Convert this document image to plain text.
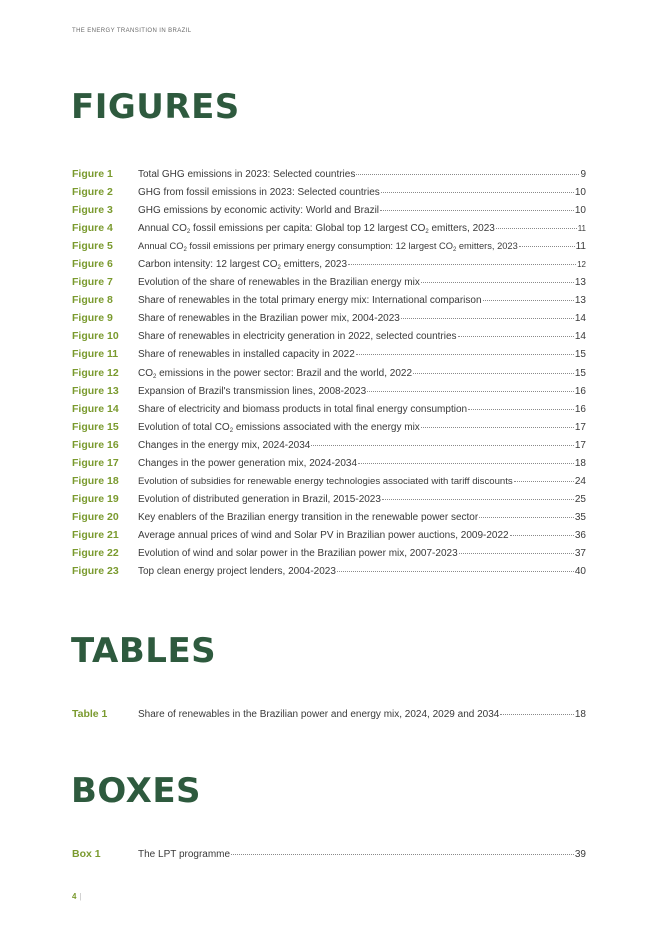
THE ENERGY TRANSITION IN BRAZIL
FIGURES
Figure 1	Total GHG emissions in 2023: Selected countries	9
Figure 2	GHG from fossil emissions in 2023: Selected countries	10
Figure 3	GHG emissions by economic activity: World and Brazil	10
Figure 4	Annual $CO_2$ fossil emissions per capita: Global top 12 largest $CO_2$ emitters, 2023	11
Figure 5	Annual $CO_2$ fossil emissions per primary energy consumption: 12 largest $CO_2$ emitters, 2023	11
Figure 6	Carbon intensity: 12 largest $CO_2$ emitters, 2023	12
Figure 7	Evolution of the share of renewables in the Brazilian energy mix	13
Figure 8	Share of renewables in the total primary energy mix: International comparison	13
Figure 9	Share of renewables in the Brazilian power mix, 2004-2023	14
Figure 10	Share of renewables in electricity generation in 2022, selected countries	14
Figure 11	Share of renewables in installed capacity in 2022	15
Figure 12	$CO_2$ emissions in the power sector: Brazil and the world, 2022	15
Figure 13	Expansion of Brazil's transmission lines, 2008-2023	16
Figure 14	Share of electricity and biomass products in total final energy consumption	16
Figure 15	Evolution of total $CO_2$ emissions associated with the energy mix	17
Figure 16	Changes in the energy mix, 2024-2034	17
Figure 17	Changes in the power generation mix, 2024-2034	18
Figure 18	Evolution of subsidies for renewable energy technologies associated with tariff discounts	24
Figure 19	Evolution of distributed generation in Brazil, 2015-2023	25
Figure 20	Key enablers of the Brazilian energy transition in the renewable power sector	35
Figure 21	Average annual prices of wind and Solar PV in Brazilian power auctions, 2009-2022	36
Figure 22	Evolution of wind and solar power in the Brazilian power mix, 2007-2023	37
Figure 23	Top clean energy project lenders, 2004-2023	40
TABLES
Table 1	Share of renewables in the Brazilian power and energy mix, 2024, 2029 and 2034	18
BOXES
Box 1	The LPT programme	39
4 |
